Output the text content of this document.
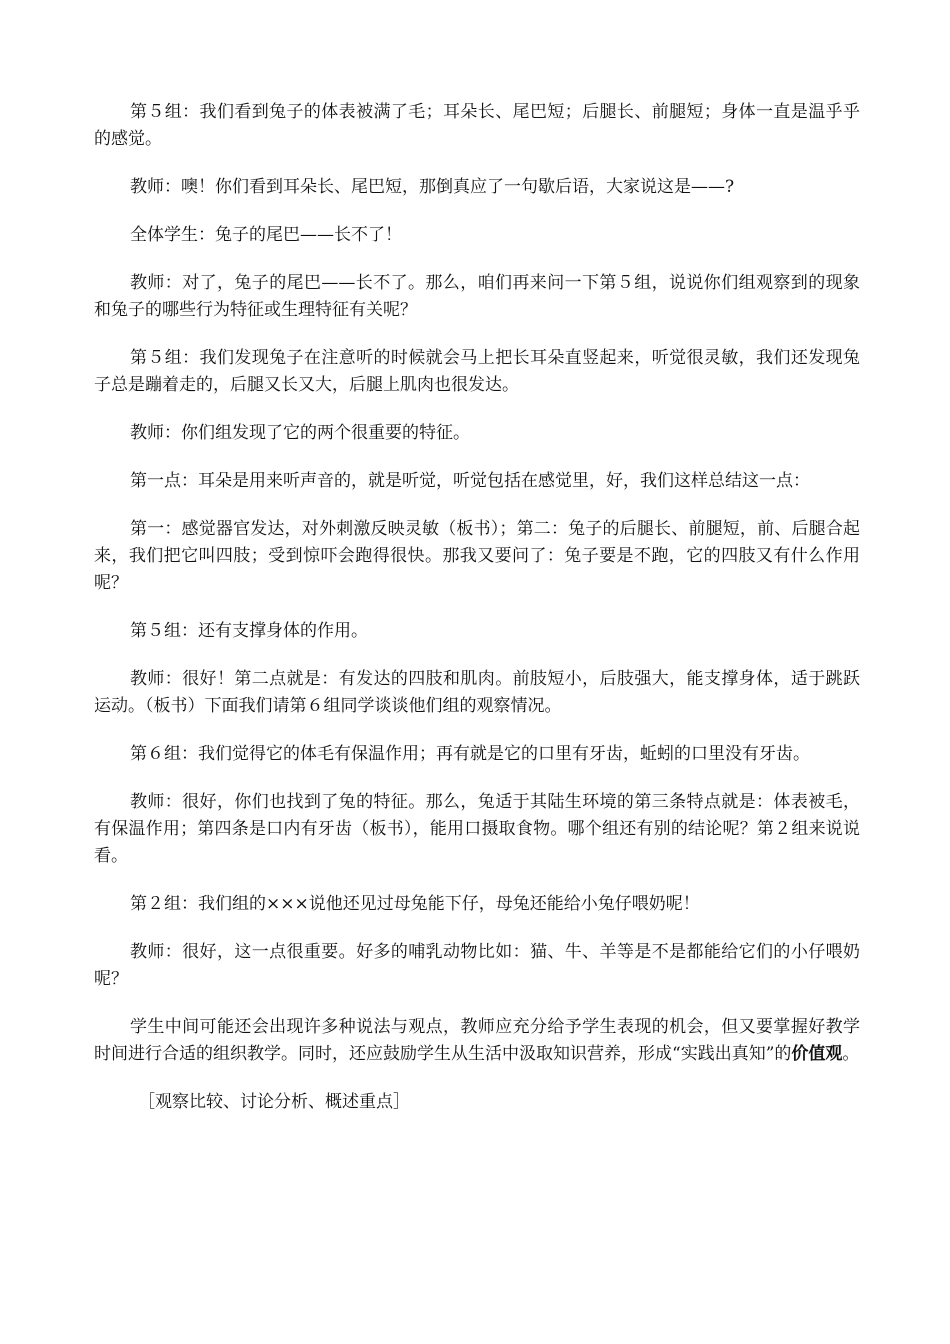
第５组：我们看到兔子的体表被满了毛；耳朵长、尾巴短；后腿长、前腿短；身体一直是温乎乎的感觉。

教师：噢！你们看到耳朵长、尾巴短，那倒真应了一句歇后语，大家说这是——?

全体学生：兔子的尾巴——长不了！

教师：对了，兔子的尾巴——长不了。那么，咱们再来问一下第５组，说说你们组观察到的现象和兔子的哪些行为特征或生理特征有关呢？

第５组：我们发现兔子在注意听的时候就会马上把长耳朵直竖起来，听觉很灵敏，我们还发现兔子总是蹦着走的，后腿又长又大，后腿上肌肉也很发达。

教师：你们组发现了它的两个很重要的特征。

第一点：耳朵是用来听声音的，就是听觉，听觉包括在感觉里，好，我们这样总结这一点：

第一：感觉器官发达，对外刺激反映灵敏（板书）；第二：兔子的后腿长、前腿短，前、后腿合起来，我们把它叫四肢；受到惊吓会跑得很快。那我又要问了：兔子要是不跑，它的四肢又有什么作用呢？

第５组：还有支撑身体的作用。

教师：很好！第二点就是：有发达的四肢和肌肉。前肢短小，后肢强大，能支撑身体，适于跳跃运动。（板书）下面我们请第６组同学谈谈他们组的观察情况。

第６组：我们觉得它的体毛有保温作用；再有就是它的口里有牙齿，蚯蚓的口里没有牙齿。

教师：很好，你们也找到了兔的特征。那么，兔适于其陆生环境的第三条特点就是：体表被毛，有保温作用；第四条是口内有牙齿（板书），能用口摄取食物。哪个组还有别的结论呢？第２组来说说看。

第２组：我们组的×××说他还见过母兔能下仔，母兔还能给小兔仔喂奶呢！

教师：很好，这一点很重要。好多的哺乳动物比如：猫、牛、羊等是不是都能给它们的小仔喂奶呢？

学生中间可能还会出现许多种说法与观点，教师应充分给予学生表现的机会，但又要掌握好教学时间进行合适的组织教学。同时，还应鼓励学生从生活中汲取知识营养，形成“实践出真知”的价值观。

［观察比较、讨论分析、概述重点］
